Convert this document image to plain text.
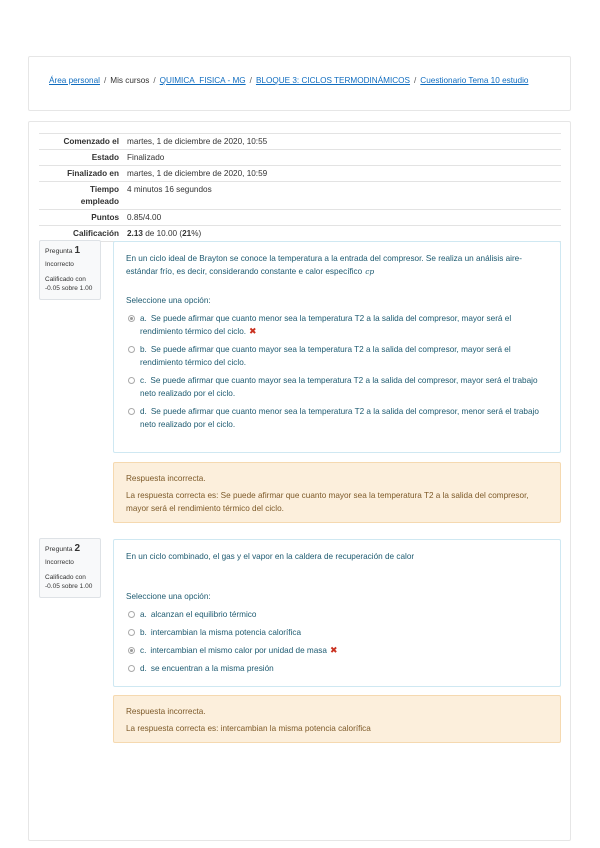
Área personal / Mis cursos / QUIMICA_FISICA - MG / BLOQUE 3: CICLOS TERMODINÁMICOS / Cuestionario Tema 10 estudio
Comenzado el	martes, 1 de diciembre de 2020, 10:55
Estado	Finalizado
Finalizado en	martes, 1 de diciembre de 2020, 10:59
Tiempo empleado	4 minutos 16 segundos
Puntos	0.85/4.00
Calificación	2.13 de 10.00 (21%)
Pregunta 1
Incorrecto
Calificado con -0.05 sobre 1.00
En un ciclo ideal de Brayton se conoce la temperatura a la entrada del compresor. Se realiza un análisis aire-estándar frío, es decir, considerando constante e calor específico cp
Seleccione una opción:
a. Se puede afirmar que cuanto menor sea la temperatura T2 a la salida del compresor, mayor será el rendimiento térmico del ciclo. ✖
b. Se puede afirmar que cuanto mayor sea la temperatura T2 a la salida del compresor, mayor será el rendimiento térmico del ciclo.
c. Se puede afirmar que cuanto mayor sea la temperatura T2 a la salida del compresor, mayor será el trabajo neto realizado por el ciclo.
d. Se puede afirmar que cuanto menor sea la temperatura T2 a la salida del compresor, menor será el trabajo neto realizado por el ciclo.
Respuesta incorrecta.
La respuesta correcta es: Se puede afirmar que cuanto mayor sea la temperatura T2 a la salida del compresor, mayor será el rendimiento térmico del ciclo.
Pregunta 2
Incorrecto
Calificado con -0.05 sobre 1.00
En un ciclo combinado, el gas y el vapor en la caldera de recuperación de calor
Seleccione una opción:
a. alcanzan el equilibrio térmico
b. intercambian la misma potencia calorífica
c. intercambian el mismo calor por unidad de masa ✖
d. se encuentran a la misma presión
Respuesta incorrecta.
La respuesta correcta es: intercambian la misma potencia calorífica
